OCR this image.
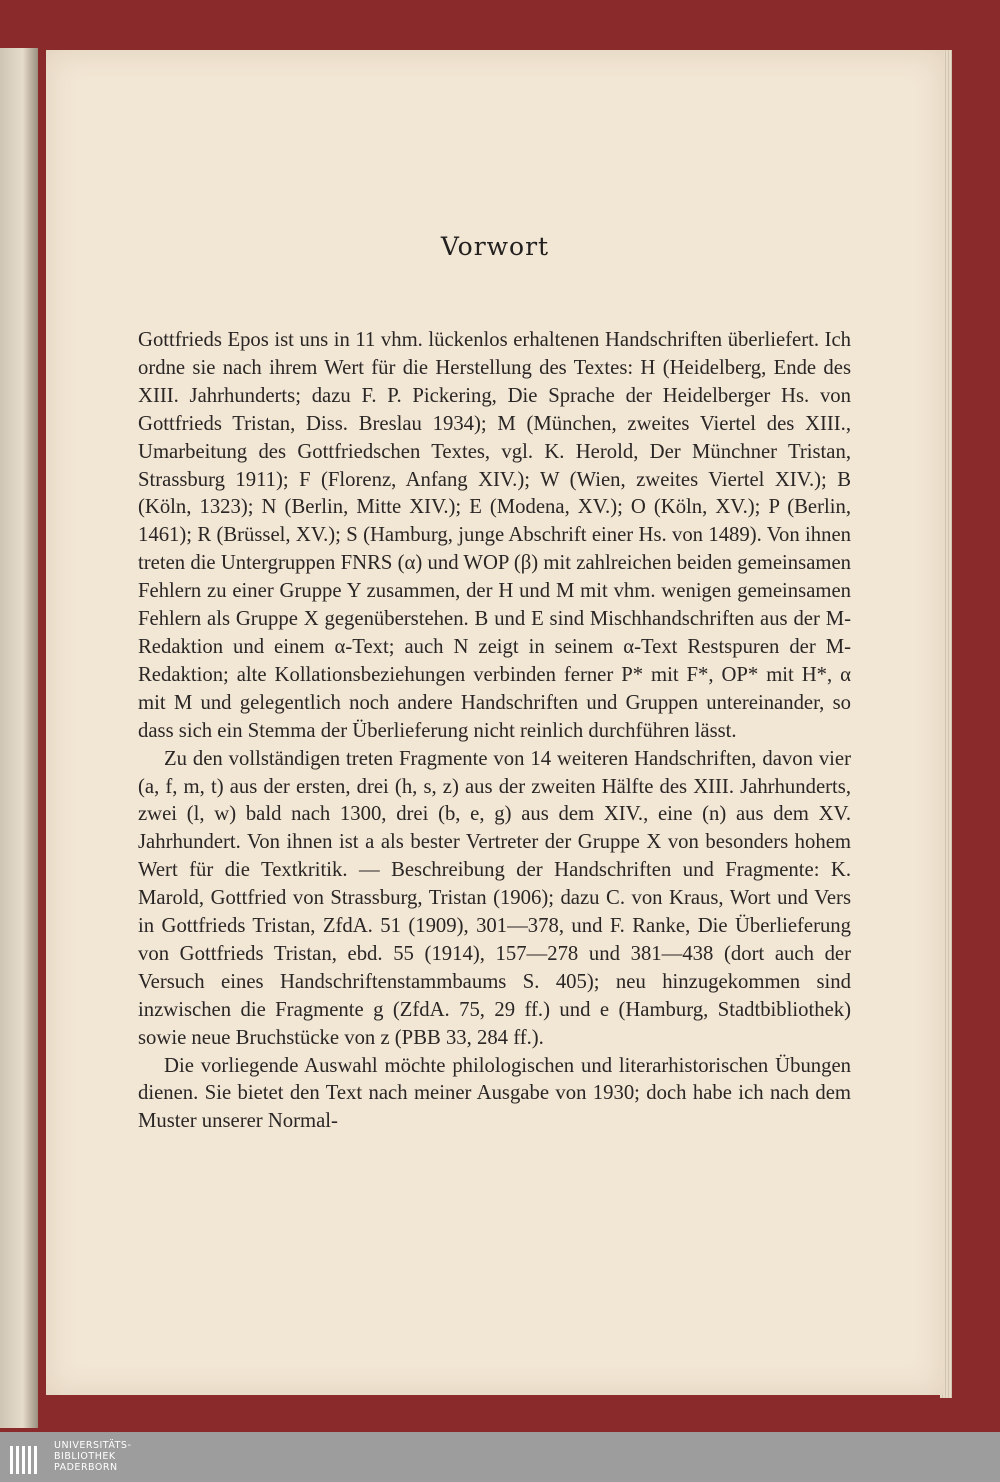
Vorwort

Gottfrieds Epos ist uns in 11 vhm. lückenlos erhaltenen Handschriften überliefert. Ich ordne sie nach ihrem Wert für die Herstellung des Textes: H (Heidelberg, Ende des XIII. Jahrhunderts; dazu F. P. Pickering, Die Sprache der Heidelberger Hs. von Gottfrieds Tristan, Diss. Breslau 1934); M (München, zweites Viertel des XIII., Umarbeitung des Gottfriedschen Textes, vgl. K. Herold, Der Münchner Tristan, Strassburg 1911); F (Florenz, Anfang XIV.); W (Wien, zweites Viertel XIV.); B (Köln, 1323); N (Berlin, Mitte XIV.); E (Modena, XV.); O (Köln, XV.); P (Berlin, 1461); R (Brüssel, XV.); S (Hamburg, junge Abschrift einer Hs. von 1489). Von ihnen treten die Untergruppen FNRS (α) und WOP (β) mit zahlreichen beiden gemeinsamen Fehlern zu einer Gruppe Y zusammen, der H und M mit vhm. wenigen gemeinsamen Fehlern als Gruppe X gegenüberstehen. B und E sind Mischhandschriften aus der M-Redaktion und einem α-Text; auch N zeigt in seinem α-Text Restspuren der M-Redaktion; alte Kollationsbeziehungen verbinden ferner P* mit F*, OP* mit H*, α mit M und gelegentlich noch andere Handschriften und Gruppen untereinander, so dass sich ein Stemma der Überlieferung nicht reinlich durchführen lässt.

Zu den vollständigen treten Fragmente von 14 weiteren Handschriften, davon vier (a, f, m, t) aus der ersten, drei (h, s, z) aus der zweiten Hälfte des XIII. Jahrhunderts, zwei (l, w) bald nach 1300, drei (b, e, g) aus dem XIV., eine (n) aus dem XV. Jahrhundert. Von ihnen ist a als bester Vertreter der Gruppe X von besonders hohem Wert für die Textkritik. — Beschreibung der Handschriften und Fragmente: K. Marold, Gottfried von Strassburg, Tristan (1906); dazu C. von Kraus, Wort und Vers in Gottfrieds Tristan, ZfdA. 51 (1909), 301—378, und F. Ranke, Die Überlieferung von Gottfrieds Tristan, ebd. 55 (1914), 157—278 und 381—438 (dort auch der Versuch eines Handschriftenstammbaums S. 405); neu hinzugekommen sind inzwischen die Fragmente g (ZfdA. 75, 29 ff.) und e (Hamburg, Stadtbibliothek) sowie neue Bruchstücke von z (PBB 33, 284 ff.).

Die vorliegende Auswahl möchte philologischen und literarhistorischen Übungen dienen. Sie bietet den Text nach meiner Ausgabe von 1930; doch habe ich nach dem Muster unserer Normal-

UNIVERSITÄTS-
BIBLIOTHEK
PADERBORN
